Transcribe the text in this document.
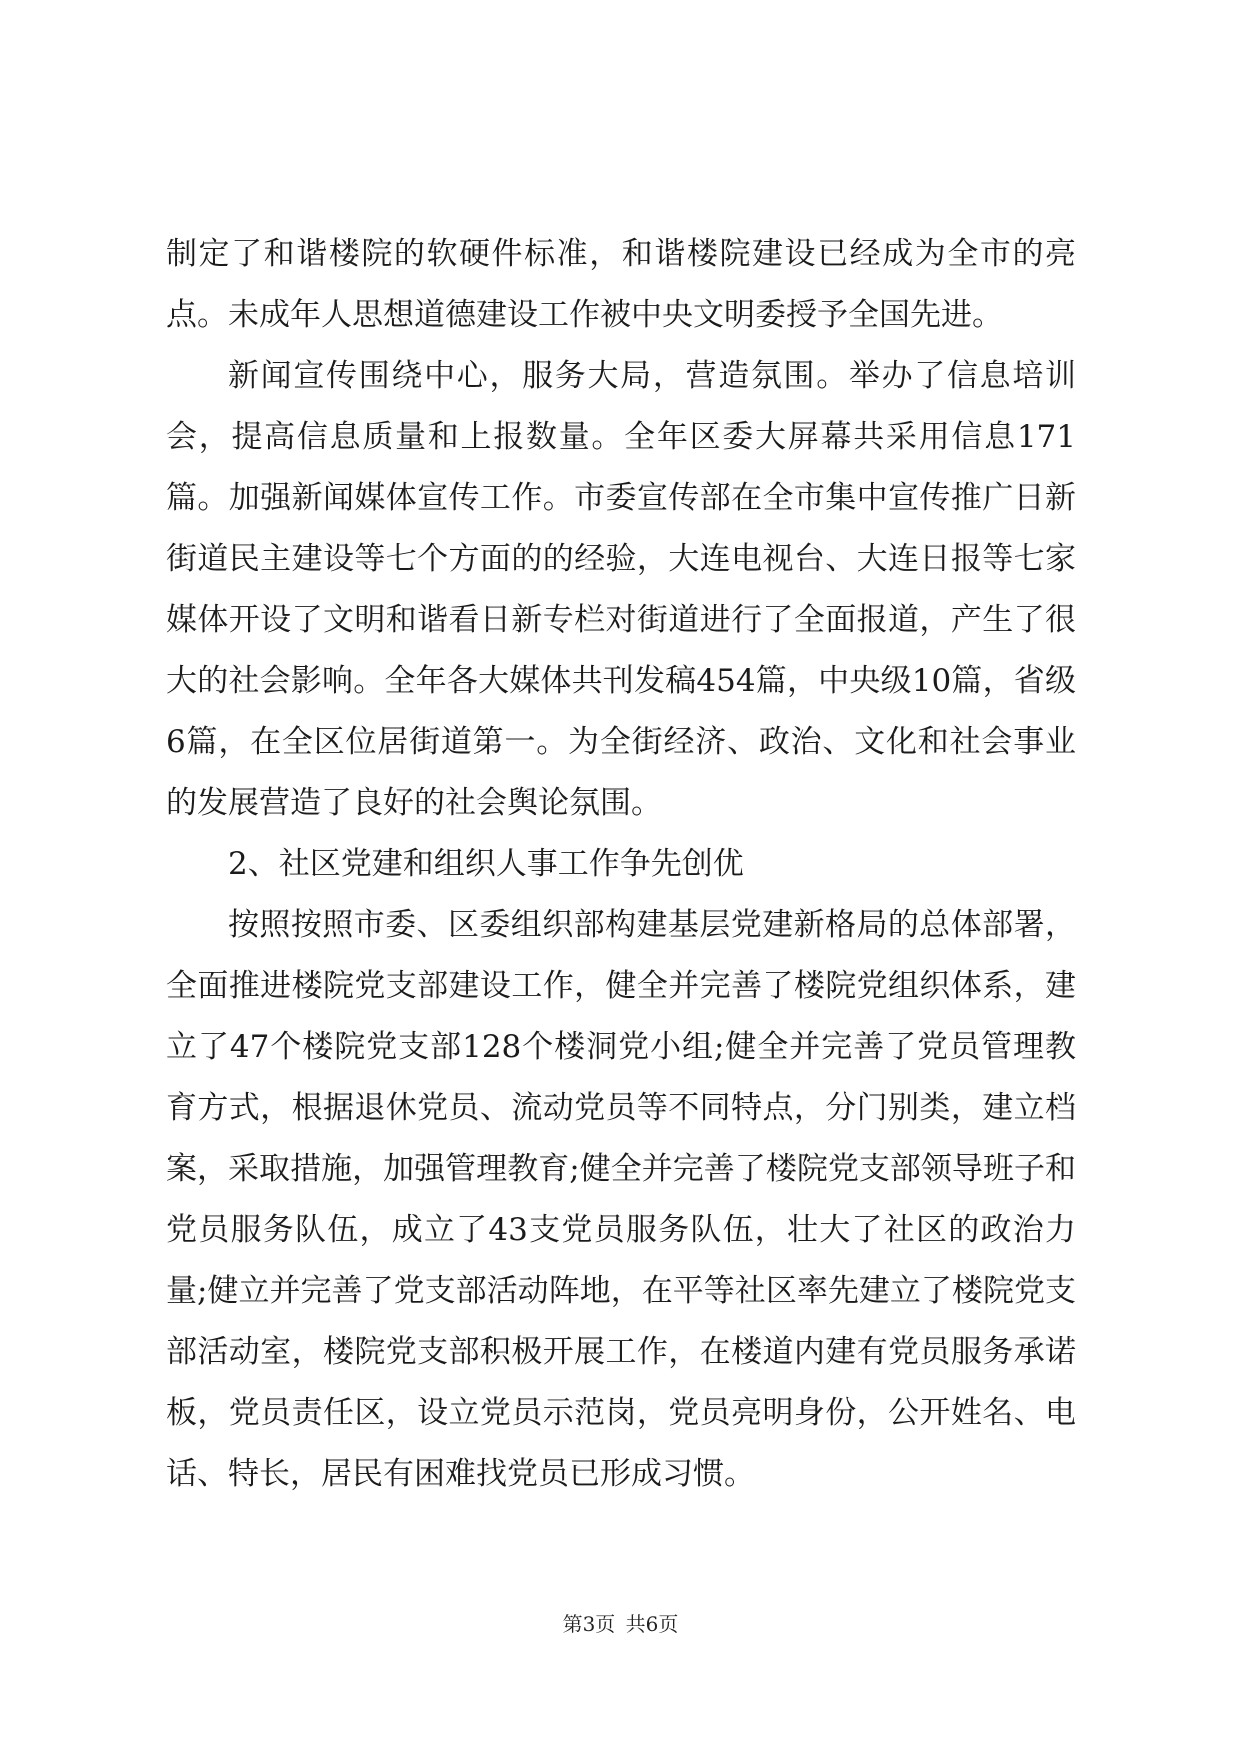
制定了和谐楼院的软硬件标准，和谐楼院建设已经成为全市的亮点。未成年人思想道德建设工作被中央文明委授予全国先进。

新闻宣传围绕中心，服务大局，营造氛围。举办了信息培训会，提高信息质量和上报数量。全年区委大屏幕共采用信息171篇。加强新闻媒体宣传工作。市委宣传部在全市集中宣传推广日新街道民主建设等七个方面的的经验，大连电视台、大连日报等七家媒体开设了文明和谐看日新专栏对街道进行了全面报道，产生了很大的社会影响。全年各大媒体共刊发稿454篇，中央级10篇，省级6篇，在全区位居街道第一。为全街经济、政治、文化和社会事业的发展营造了良好的社会舆论氛围。

2、社区党建和组织人事工作争先创优

按照按照市委、区委组织部构建基层党建新格局的总体部署，全面推进楼院党支部建设工作，健全并完善了楼院党组织体系，建立了47个楼院党支部128个楼洞党小组;健全并完善了党员管理教育方式，根据退休党员、流动党员等不同特点，分门别类，建立档案，采取措施，加强管理教育;健全并完善了楼院党支部领导班子和党员服务队伍，成立了43支党员服务队伍，壮大了社区的政治力量;健立并完善了党支部活动阵地，在平等社区率先建立了楼院党支部活动室，楼院党支部积极开展工作，在楼道内建有党员服务承诺板，党员责任区，设立党员示范岗，党员亮明身份，公开姓名、电话、特长，居民有困难找党员已形成习惯。

第3页 共6页
